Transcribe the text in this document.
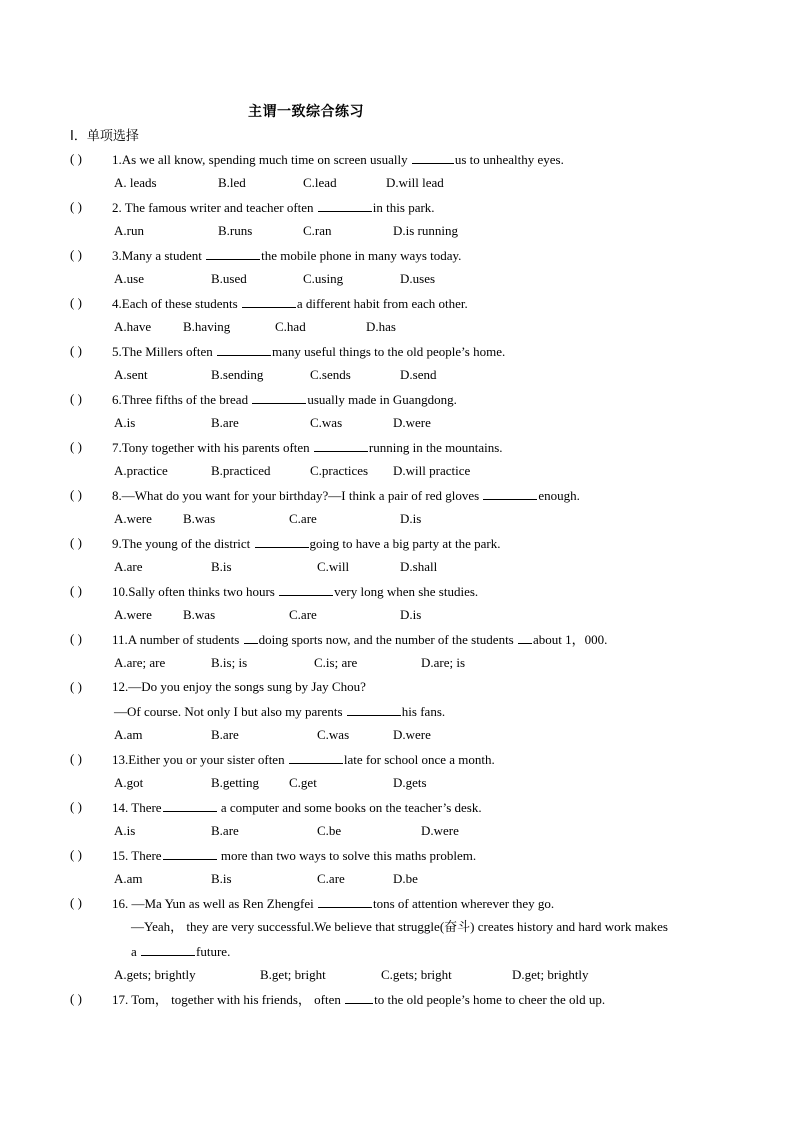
主谓一致综合练习
I．单项选择
( ) 1.As we all know, spending much time on screen usually	us to unhealthy eyes.
A. leads	B.led	C.lead	D.will lead
( ) 2. The famous writer and teacher often	in this park.
A.run	B.runs	C.ran	D.is running
( ) 3.Many a student	the mobile phone in many ways today.
A.use	B.used	C.using	D.uses
( ) 4.Each of these students	a different habit from each other.
A.have B.having	C.had	D.has
( ) 5.The Millers often	many useful things to the old people’s home.
A.sent	B.sending	C.sends	D.send
( ) 6.Three fifths of the bread	usually made in Guangdong.
A.is	B.are	C.was	D.were
( ) 7.Tony together with his parents often	running in the mountains.
A.practice	B.practiced	C.practices D.will practice
( ) 8.—What do you want for your birthday?—I think a pair of red gloves	enough.
A.were B.was	C.are	D.is
( ) 9.The young of the district	going to have a big party at the park.
A.are	B.is	C.will	D.shall
( ) 10.Sally often thinks two hours	very long when she studies.
A.were B.was	C.are	D.is
( ) 11.A number of students doing sports now, and the number of the students about 1，000.
A.are; are	B.is; is	C.is; are	D.are; is
( ) 12.—Do you enjoy the songs sung by Jay Chou?
—Of course. Not only I but also my parents	his fans.
A.am	B.are	C.was	D.were
( ) 13.Either you or your sister often	late for school once a month.
A.got	B.getting C.get	D.gets
( ) 14. There	a computer and some books on the teacher’s desk.
A.is	B.are	C.be	D.were
( ) 15. There	more than two ways to solve this maths problem.
A.am	B.is	C.are	D.be
( ) 16. —Ma Yun as well as Ren Zhengfei	tons of attention wherever they go.
—Yeah， they are very successful.We believe that struggle(奋斗) creates history and hard work makes
a	future.
A.gets; brightly	B.get; bright	C.gets; bright	D.get; brightly
( ) 17. Tom， together with his friends， often to the old people’s home to cheer the old up.
